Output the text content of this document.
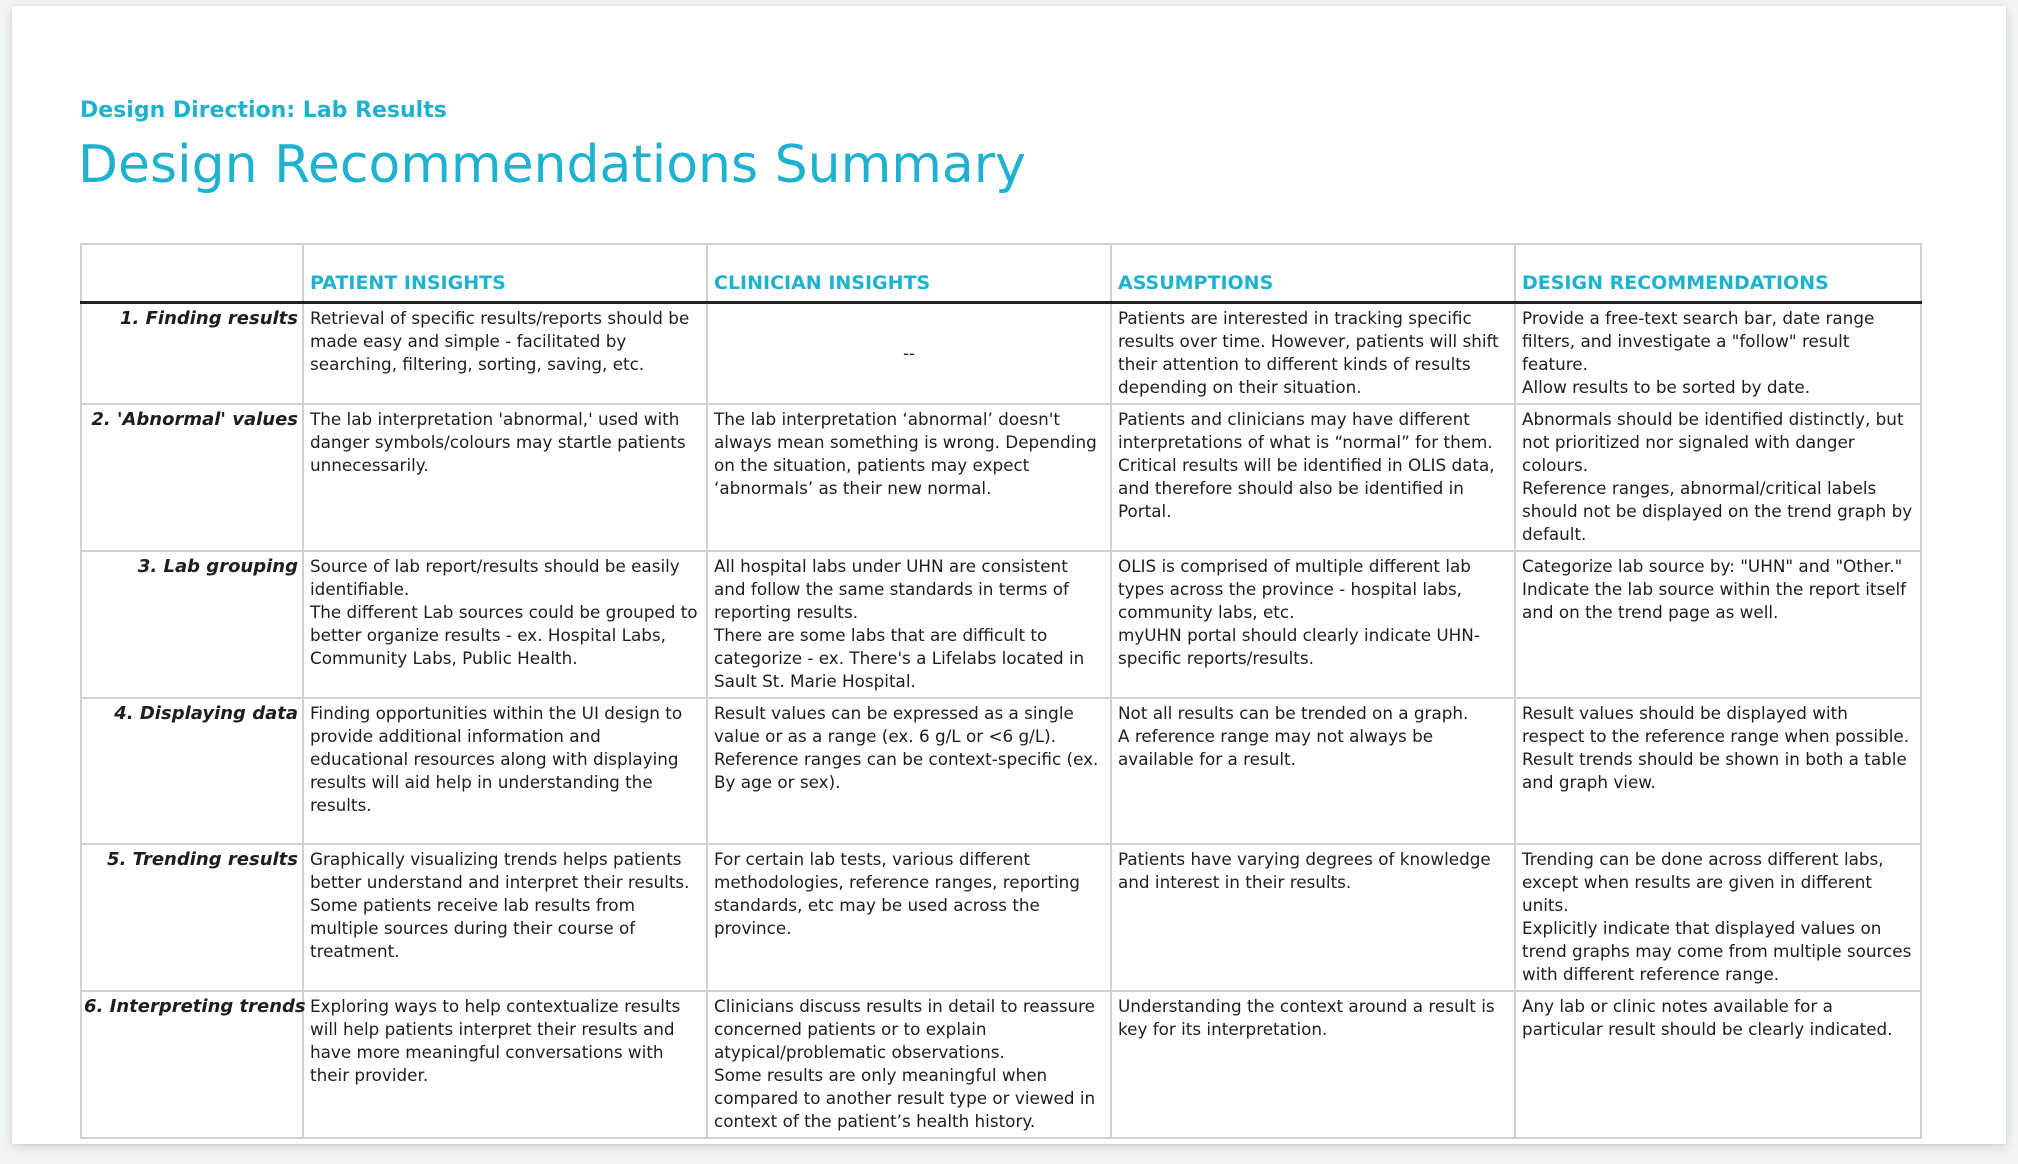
Design Direction: Lab Results
Design Recommendations Summary
	PATIENT INSIGHTS	CLINICIAN INSIGHTS	ASSUMPTIONS	DESIGN RECOMMENDATIONS
1. Finding results	Retrieval of specific results/reports should be made easy and simple - facilitated by searching, filtering, sorting, saving, etc.	--	Patients are interested in tracking specific results over time. However, patients will shift their attention to different kinds of results depending on their situation.	Provide a free-text search bar, date range filters, and investigate a "follow" result feature.
Allow results to be sorted by date.

2. 'Abnormal' values	The lab interpretation 'abnormal,' used with danger symbols/colours may startle patients unnecessarily.	The lab interpretation ‘abnormal’ doesn't always mean something is wrong. Depending on the situation, patients may expect ‘abnormals’ as their new normal.	Patients and clinicians may have different interpretations of what is “normal” for them.
Critical results will be identified in OLIS data, and therefore should also be identified in Portal.	Abnormals should be identified distinctly, but not prioritized nor signaled with danger colours.
Reference ranges, abnormal/critical labels should not be displayed on the trend graph by default.

3. Lab grouping	Source of lab report/results should be easily identifiable.
The different Lab sources could be grouped to better organize results - ex. Hospital Labs, Community Labs, Public Health.	All hospital labs under UHN are consistent and follow the same standards in terms of reporting results.
There are some labs that are difficult to categorize - ex. There's a Lifelabs located in Sault St. Marie Hospital.	OLIS is comprised of multiple different lab types across the province - hospital labs, community labs, etc.
myUHN portal should clearly indicate UHN-specific reports/results.	Categorize lab source by: "UHN" and "Other."
Indicate the lab source within the report itself and on the trend page as well.

4. Displaying data	Finding opportunities within the UI design to provide additional information and educational resources along with displaying results will aid help in understanding the results.	Result values can be expressed as a single value or as a range (ex. 6 g/L or <6 g/L).
Reference ranges can be context-specific (ex. By age or sex).	Not all results can be trended on a graph.
A reference range may not always be available for a result.	Result values should be displayed with respect to the reference range when possible.
Result trends should be shown in both a table and graph view.

5. Trending results	Graphically visualizing trends helps patients better understand and interpret their results.
Some patients receive lab results from multiple sources during their course of treatment.	For certain lab tests, various different methodologies, reference ranges, reporting standards, etc may be used across the province.	Patients have varying degrees of knowledge and interest in their results.	Trending can be done across different labs, except when results are given in different units.
Explicitly indicate that displayed values on trend graphs may come from multiple sources with different reference range.

6. Interpreting trends	Exploring ways to help contextualize results will help patients interpret their results and have more meaningful conversations with their provider.	Clinicians discuss results in detail to reassure concerned patients or to explain atypical/problematic observations.
Some results are only meaningful when compared to another result type or viewed in context of the patient’s health history.	Understanding the context around a result is key for its interpretation.	Any lab or clinic notes available for a particular result should be clearly indicated.
